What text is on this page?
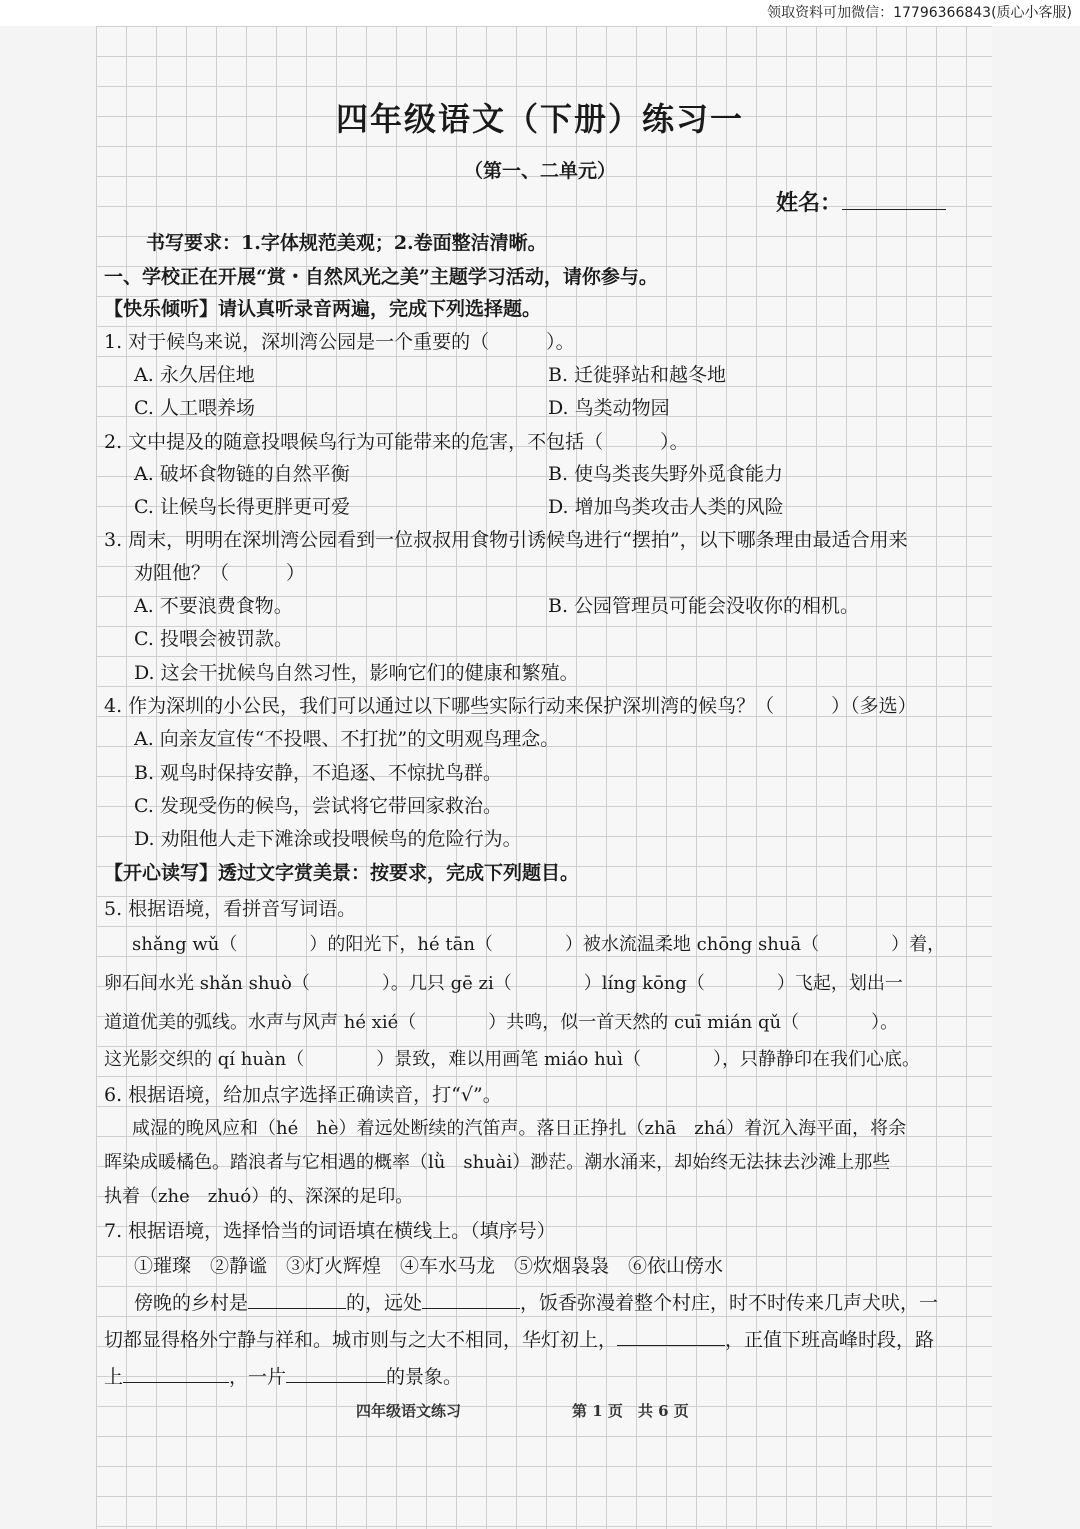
领取资料可加微信：17796366843(质心小客服)
四年级语文（下册）练习一
（第一、二单元）
姓名：
书写要求：1.字体规范美观；2.卷面整洁清晰。
一、学校正在开展“赏・自然风光之美”主题学习活动，请你参与。
【快乐倾听】请认真听录音两遍，完成下列选择题。
1. 对于候鸟来说，深圳湾公园是一个重要的（　　　）。
A. 永久居住地	B. 迁徙驿站和越冬地
C. 人工喂养场	D. 鸟类动物园
2. 文中提及的随意投喂候鸟行为可能带来的危害，不包括（　　　）。
A. 破坏食物链的自然平衡	B. 使鸟类丧失野外觅食能力
C. 让候鸟长得更胖更可爱	D. 增加鸟类攻击人类的风险
3. 周末，明明在深圳湾公园看到一位叔叔用食物引诱候鸟进行“摆拍”，以下哪条理由最适合用来
劝阻他？（　　　）
A. 不要浪费食物。	B. 公园管理员可能会没收你的相机。
C. 投喂会被罚款。
D. 这会干扰候鸟自然习性，影响它们的健康和繁殖。
4. 作为深圳的小公民，我们可以通过以下哪些实际行动来保护深圳湾的候鸟？（　　　）（多选）
A. 向亲友宣传“不投喂、不打扰”的文明观鸟理念。
B. 观鸟时保持安静，不追逐、不惊扰鸟群。
C. 发现受伤的候鸟，尝试将它带回家救治。
D. 劝阻他人走下滩涂或投喂候鸟的危险行为。
【开心读写】透过文字赏美景：按要求，完成下列题目。
5. 根据语境，看拼音写词语。
shǎng wǔ（　　　　）的阳光下，hé tān（　　　　）被水流温柔地 chōng shuā（　　　　）着，
卵石间水光 shǎn shuò（　　　　）。几只 gē zi（　　　　）líng kōng（　　　　）飞起，划出一
道道优美的弧线。水声与风声 hé xié（　　　　）共鸣，似一首天然的 cuī mián qǔ（　　　　）。
这光影交织的 qí huàn（　　　　）景致，难以用画笔 miáo huì（　　　　），只静静印在我们心底。
6. 根据语境，给加点字选择正确读音，打“√”。
咸湿的晚风应和（hé　hè）着远处断续的汽笛声。落日正挣扎（zhā　zhá）着沉入海平面，将余
晖染成暖橘色。踏浪者与它相遇的概率（lǜ　shuài）渺茫。潮水涌来，却始终无法抹去沙滩上那些
执着（zhe　zhuó）的、深深的足印。
7. 根据语境，选择恰当的词语填在横线上。（填序号）
①璀璨　②静谧　③灯火辉煌　④车水马龙　⑤炊烟袅袅　⑥依山傍水
傍晚的乡村是	的，远处	，饭香弥漫着整个村庄，时不时传来几声犬吠，一
切都显得格外宁静与祥和。城市则与之大不相同，华灯初上，	，正值下班高峰时段，路
上	，一片	的景象。
四年级语文练习	第 1 页　共 6 页
